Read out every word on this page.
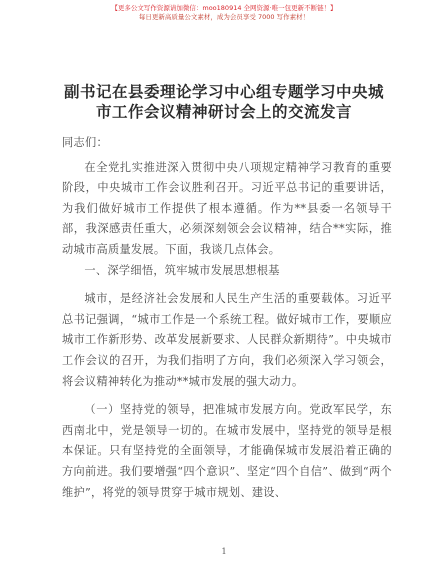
【更多公文写作资源请加微信：moo180914 全网资源·唯一包更新不断链！】
每日更新高质量公文素材，成为会员享受 7000 写作素材！
副书记在县委理论学习中心组专题学习中央城
市工作会议精神研讨会上的交流发言

同志们：

在全党扎实推进深入贯彻中央八项规定精神学习教育的重要阶段，中央城市工作会议胜利召开。习近平总书记的重要讲话，为我们做好城市工作提供了根本遵循。作为**县委一名领导干部，我深感责任重大，必须深刻领会会议精神，结合**实际，推动城市高质量发展。下面，我谈几点体会。

一、深学细悟，筑牢城市发展思想根基

城市，是经济社会发展和人民生产生活的重要载体。习近平总书记强调，“城市工作是一个系统工程。做好城市工作，要顺应城市工作新形势、改革发展新要求、人民群众新期待”。中央城市工作会议的召开，为我们指明了方向，我们必须深入学习领会，将会议精神转化为推动**城市发展的强大动力。

（一）坚持党的领导，把准城市发展方向。党政军民学，东西南北中，党是领导一切的。在城市发展中，坚持党的领导是根本保证。只有坚持党的全面领导，才能确保城市发展沿着正确的方向前进。我们要增强“四个意识”、坚定“四个自信”、做到“两个维护”，将党的领导贯穿于城市规划、建设、

1
